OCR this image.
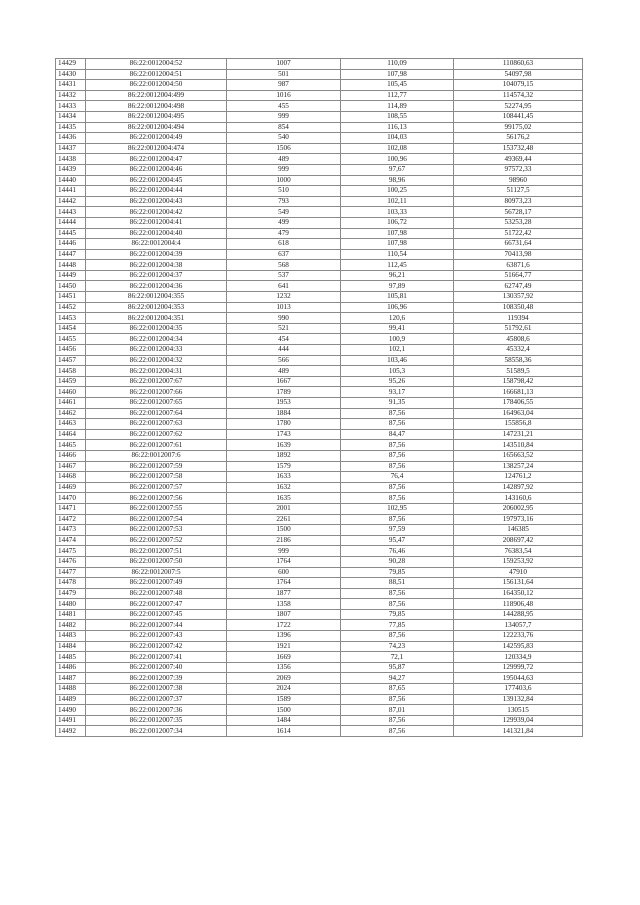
14429	86:22:0012004:52	1007	110,09	110860,63
14430	86:22:0012004:51	501	107,98	54097,98
14431	86:22:0012004:50	987	105,45	104079,15
14432	86:22:0012004:499	1016	112,77	114574,32
14433	86:22:0012004:498	455	114,89	52274,95
14434	86:22:0012004:495	999	108,55	108441,45
14435	86:22:0012004:494	854	116,13	99175,02
14436	86:22:0012004:49	540	104,03	56176,2
14437	86:22:0012004:474	1506	102,08	153732,48
14438	86:22:0012004:47	489	100,96	49369,44
14439	86:22:0012004:46	999	97,67	97572,33
14440	86:22:0012004:45	1000	98,96	98960
14441	86:22:0012004:44	510	100,25	51127,5
14442	86:22:0012004:43	793	102,11	80973,23
14443	86:22:0012004:42	549	103,33	56728,17
14444	86:22:0012004:41	499	106,72	53253,28
14445	86:22:0012004:40	479	107,98	51722,42
14446	86:22:0012004:4	618	107,98	66731,64
14447	86:22:0012004:39	637	110,54	70413,98
14448	86:22:0012004:38	568	112,45	63871,6
14449	86:22:0012004:37	537	96,21	51664,77
14450	86:22:0012004:36	641	97,89	62747,49
14451	86:22:0012004:355	1232	105,81	130357,92
14452	86:22:0012004:353	1013	106,96	108350,48
14453	86:22:0012004:351	990	120,6	119394
14454	86:22:0012004:35	521	99,41	51792,61
14455	86:22:0012004:34	454	100,9	45808,6
14456	86:22:0012004:33	444	102,1	45332,4
14457	86:22:0012004:32	566	103,46	58558,36
14458	86:22:0012004:31	489	105,3	51589,5
14459	86:22:0012007:67	1667	95,26	158798,42
14460	86:22:0012007:66	1789	93,17	166681,13
14461	86:22:0012007:65	1953	91,35	178406,55
14462	86:22:0012007:64	1884	87,56	164963,04
14463	86:22:0012007:63	1780	87,56	155856,8
14464	86:22:0012007:62	1743	84,47	147231,21
14465	86:22:0012007:61	1639	87,56	143510,84
14466	86:22:0012007:6	1892	87,56	165663,52
14467	86:22:0012007:59	1579	87,56	138257,24
14468	86:22:0012007:58	1633	76,4	124761,2
14469	86:22:0012007:57	1632	87,56	142897,92
14470	86:22:0012007:56	1635	87,56	143160,6
14471	86:22:0012007:55	2001	102,95	206002,95
14472	86:22:0012007:54	2261	87,56	197973,16
14473	86:22:0012007:53	1500	97,59	146385
14474	86:22:0012007:52	2186	95,47	208697,42
14475	86:22:0012007:51	999	76,46	76383,54
14476	86:22:0012007:50	1764	90,28	159253,92
14477	86:22:0012007:5	600	79,85	47910
14478	86:22:0012007:49	1764	88,51	156131,64
14479	86:22:0012007:48	1877	87,56	164350,12
14480	86:22:0012007:47	1358	87,56	118906,48
14481	86:22:0012007:45	1807	79,85	144288,95
14482	86:22:0012007:44	1722	77,85	134057,7
14483	86:22:0012007:43	1396	87,56	122233,76
14484	86:22:0012007:42	1921	74,23	142595,83
14485	86:22:0012007:41	1669	72,1	120334,9
14486	86:22:0012007:40	1356	95,87	129999,72
14487	86:22:0012007:39	2069	94,27	195044,63
14488	86:22:0012007:38	2024	87,65	177403,6
14489	86:22:0012007:37	1589	87,56	139132,84
14490	86:22:0012007:36	1500	87,01	130515
14491	86:22:0012007:35	1484	87,56	129939,04
14492	86:22:0012007:34	1614	87,56	141321,84
